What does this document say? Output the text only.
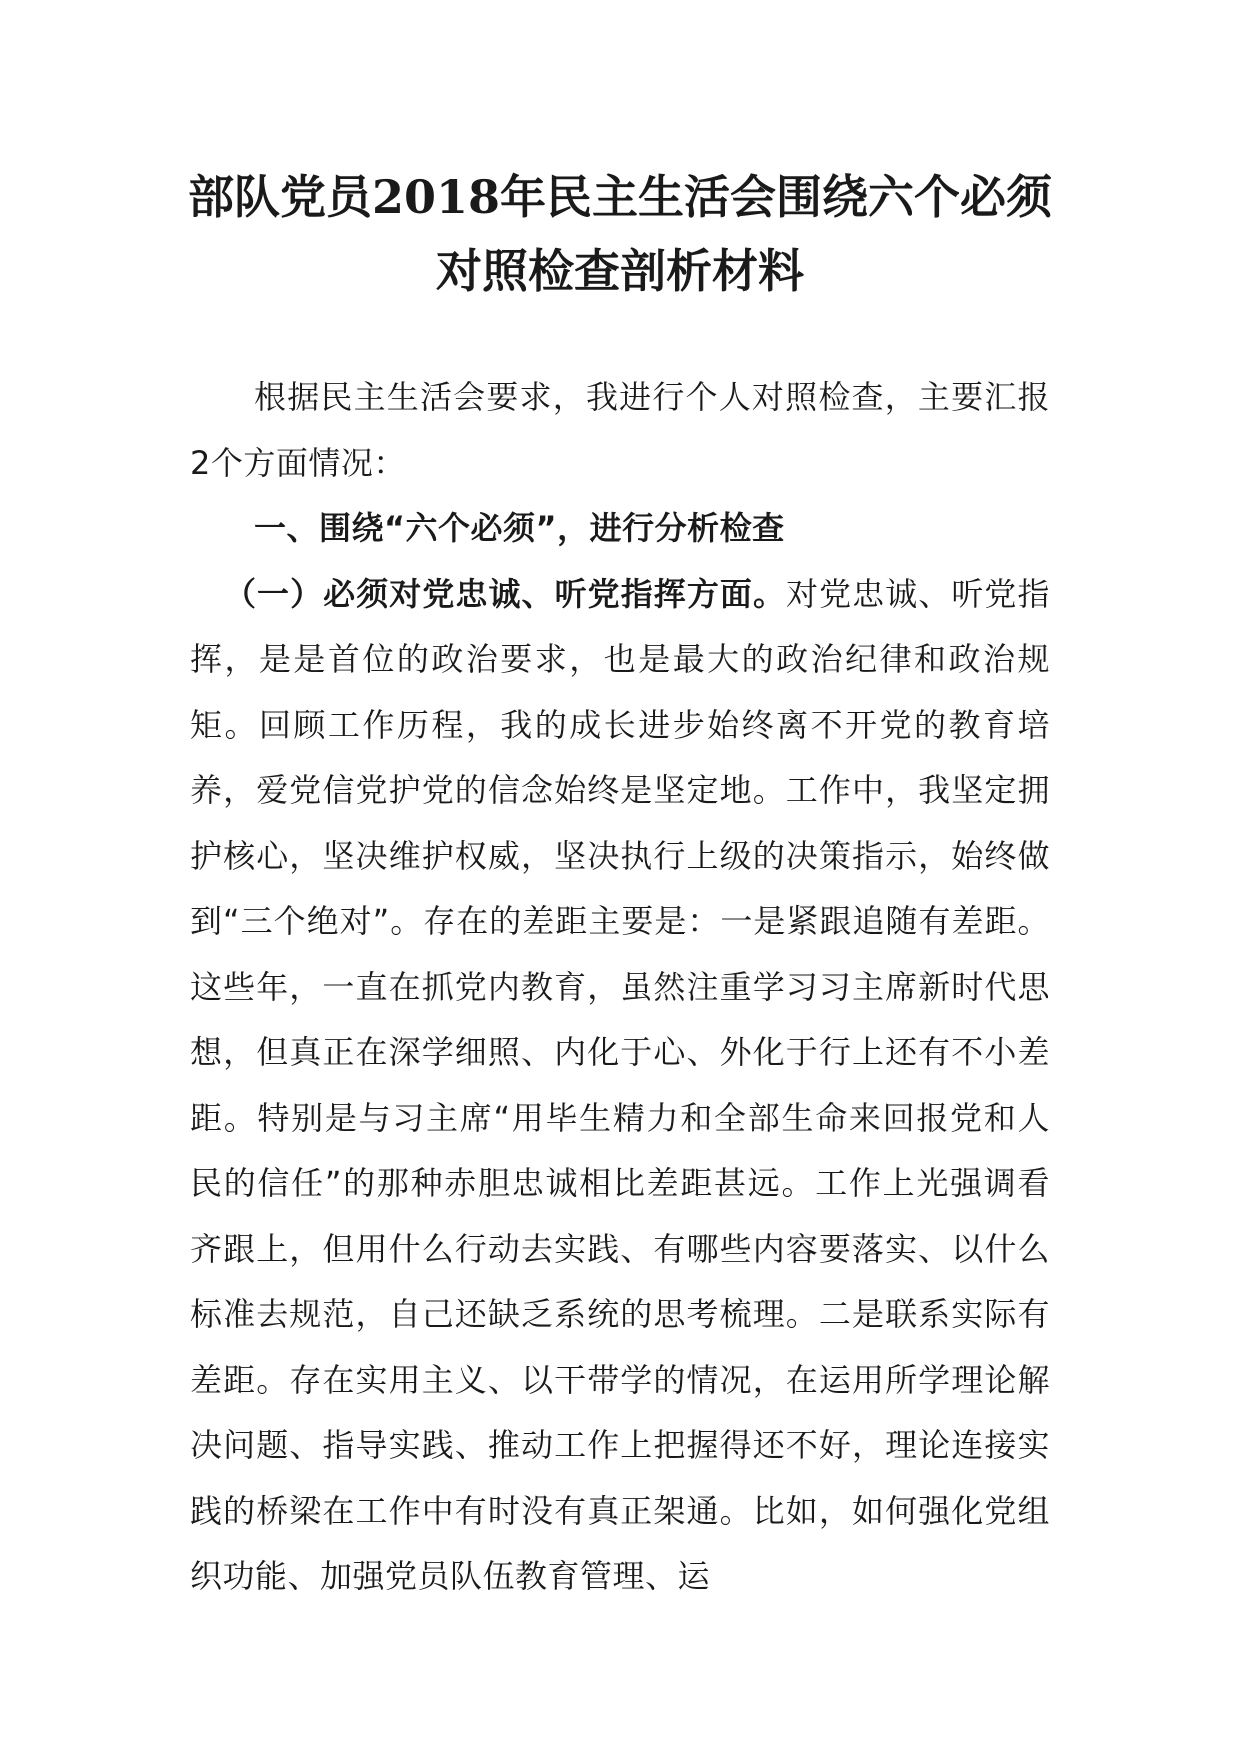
部队党员2018年民主生活会围绕六个必须
对照检查剖析材料

根据民主生活会要求，我进行个人对照检查，主要汇报2个方面情况：

一、围绕“六个必须”，进行分析检查

（一）必须对党忠诚、听党指挥方面。对党忠诚、听党指挥，是是首位的政治要求，也是最大的政治纪律和政治规矩。回顾工作历程，我的成长进步始终离不开党的教育培养，爱党信党护党的信念始终是坚定地。工作中，我坚定拥护核心，坚决维护权威，坚决执行上级的决策指示，始终做到“三个绝对”。存在的差距主要是：一是紧跟追随有差距。这些年，一直在抓党内教育，虽然注重学习习主席新时代思想，但真正在深学细照、内化于心、外化于行上还有不小差距。特别是与习主席“用毕生精力和全部生命来回报党和人民的信任”的那种赤胆忠诚相比差距甚远。工作上光强调看齐跟上，但用什么行动去实践、有哪些内容要落实、以什么标准去规范，自己还缺乏系统的思考梳理。二是联系实际有差距。存在实用主义、以干带学的情况，在运用所学理论解决问题、指导实践、推动工作上把握得还不好，理论连接实践的桥梁在工作中有时没有真正架通。比如，如何强化党组织功能、加强党员队伍教育管理、运
